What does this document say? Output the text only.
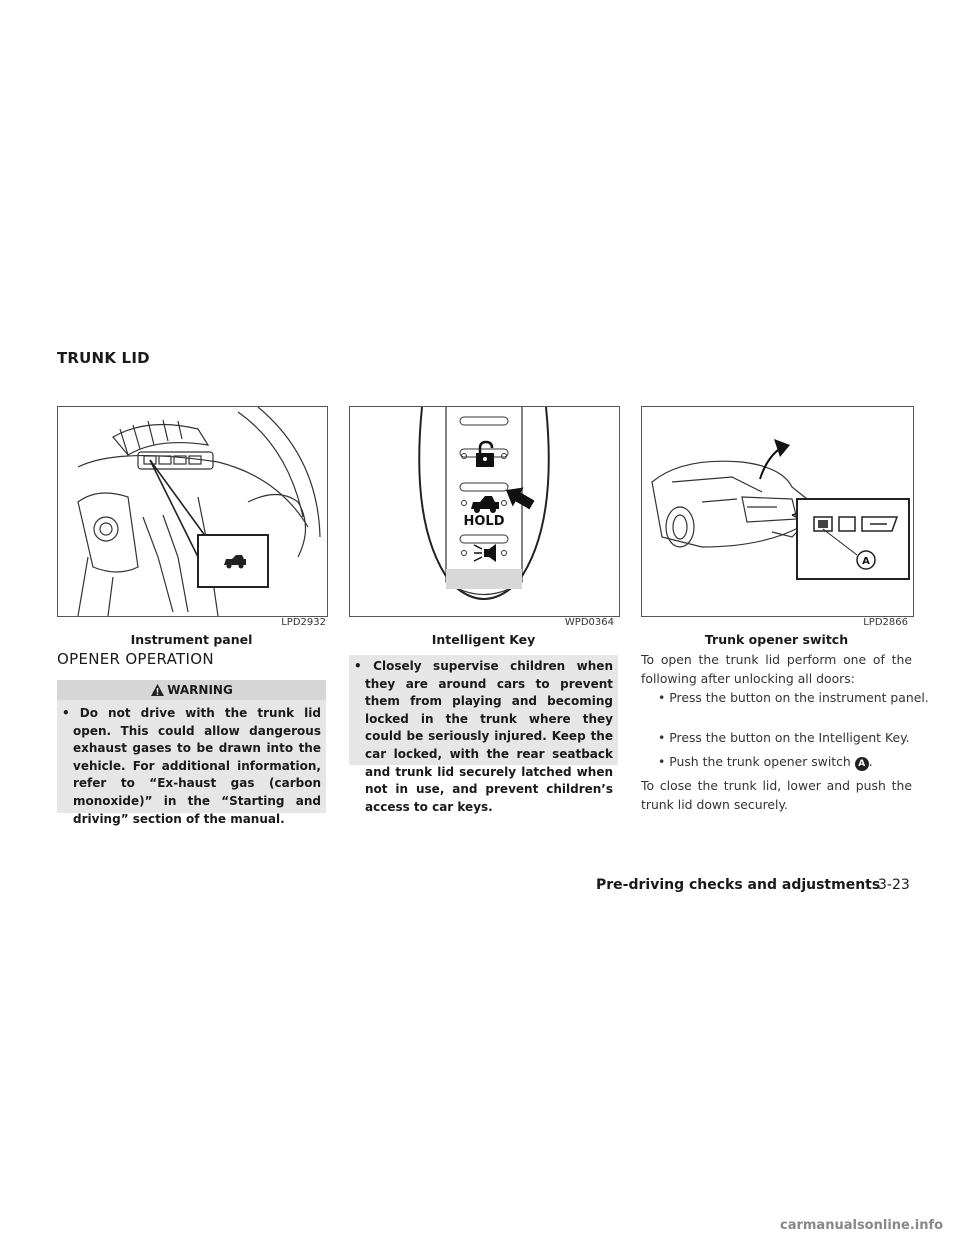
TRUNK LID
LPD2932
Instrument panel
HOLD
WPD0364
Intelligent Key
A
LPD2866
Trunk opener switch
OPENER OPERATION
WARNING
• Do not drive with the trunk lid open. This could allow dangerous exhaust gases to be drawn into the vehicle. For additional information, refer to “Ex-haust gas (carbon monoxide)” in the “Starting and driving” section of the manual.
• Closely supervise children when they are around cars to prevent them from playing and becoming locked in the trunk where they could be seriously injured. Keep the car locked, with the rear seatback and trunk lid securely latched when not in use, and prevent children’s access to car keys.
To open the trunk lid perform one of the following after unlocking all doors:
• Press the button on the instrument panel.
• Press the button on the Intelligent Key.
• Push the trunk opener switch A .
To close the trunk lid, lower and push the trunk lid down securely.
Pre-driving checks and adjustments
3-23
carmanualsonline.info
